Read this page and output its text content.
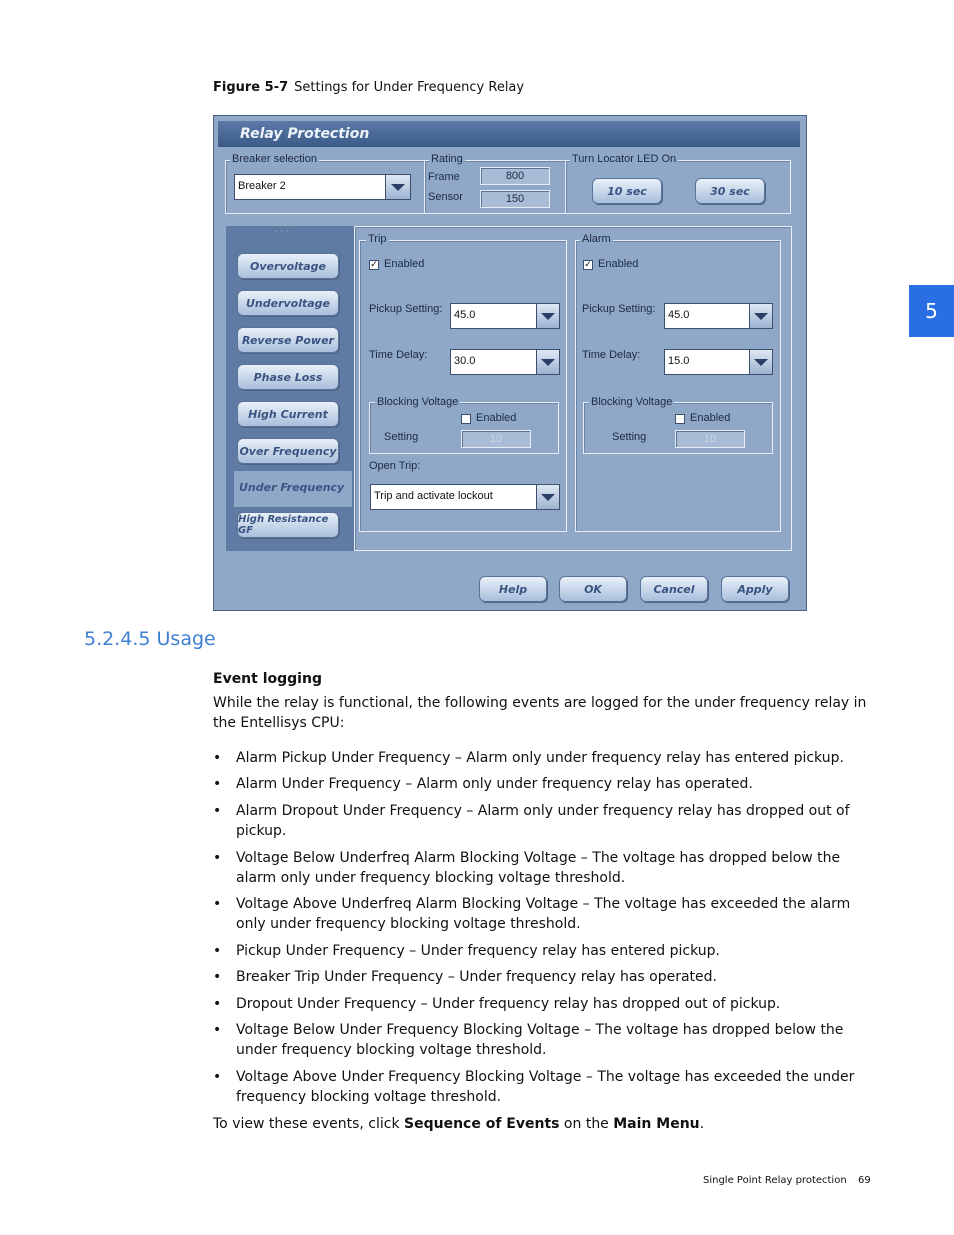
Figure 5-7 Settings for Under Frequency Relay
5
Relay Protection
Breaker selection
Breaker 2
Rating
Frame	800
Sensor	150
Turn Locator LED On
10 sec	30 sec
· · ·
Overvoltage
Undervoltage
Reverse Power
Phase Loss
High Current
Over Frequency
Under Frequency
High Resistance GF
Trip
✓ Enabled
Pickup Setting:	45.0
Time Delay:	30.0
Blocking Voltage
Enabled
Setting	10
Open Trip:
Trip and activate lockout
Alarm
✓ Enabled
Pickup Setting:	45.0
Time Delay:	15.0
Blocking Voltage
Enabled
Setting	10
Help	OK	Cancel	Apply
5.2.4.5 Usage
Event logging
While the relay is functional, the following events are logged for the under frequency relay in the Entellisys CPU:
• Alarm Pickup Under Frequency – Alarm only under frequency relay has entered pickup.
• Alarm Under Frequency – Alarm only under frequency relay has operated.
• Alarm Dropout Under Frequency – Alarm only under frequency relay has dropped out of pickup.
• Voltage Below Underfreq Alarm Blocking Voltage – The voltage has dropped below the alarm only under frequency blocking voltage threshold.
• Voltage Above Underfreq Alarm Blocking Voltage – The voltage has exceeded the alarm only under frequency blocking voltage threshold.
• Pickup Under Frequency – Under frequency relay has entered pickup.
• Breaker Trip Under Frequency – Under frequency relay has operated.
• Dropout Under Frequency – Under frequency relay has dropped out of pickup.
• Voltage Below Under Frequency Blocking Voltage – The voltage has dropped below the under frequency blocking voltage threshold.
• Voltage Above Under Frequency Blocking Voltage – The voltage has exceeded the under frequency blocking voltage threshold.
To view these events, click Sequence of Events on the Main Menu.
Single Point Relay protection 69
